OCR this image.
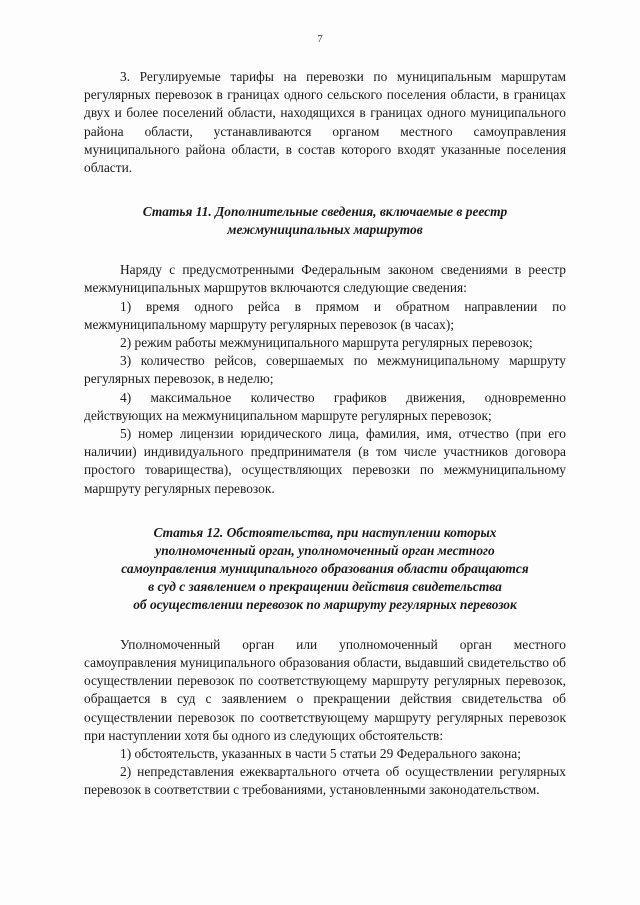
7

3. Регулируемые тарифы на перевозки по муниципальным маршрутам регулярных перевозок в границах одного сельского поселения области, в границах двух и более поселений области, находящихся в границах одного муниципального района области, устанавливаются органом местного самоуправления муниципального района области, в состав которого входят указанные поселения области.

Статья 11. Дополнительные сведения, включаемые в реестр

межмуниципальных маршрутов

Наряду с предусмотренными Федеральным законом сведениями в реестр межмуниципальных маршрутов включаются следующие сведения:

1) время одного рейса в прямом и обратном направлении по межмуниципальному маршруту регулярных перевозок (в часах);

2) режим работы межмуниципального маршрута регулярных перевозок;

3) количество рейсов, совершаемых по межмуниципальному маршруту регулярных перевозок, в неделю;

4) максимальное количество графиков движения, одновременно действующих на межмуниципальном маршруте регулярных перевозок;

5) номер лицензии юридического лица, фамилия, имя, отчество (при его наличии) индивидуального предпринимателя (в том числе участников договора простого товарищества), осуществляющих перевозки по межмуниципальному маршруту регулярных перевозок.

Статья 12. Обстоятельства, при наступлении которых

уполномоченный орган, уполномоченный орган местного

самоуправления муниципального образования области обращаются

в суд с заявлением о прекращении действия свидетельства

об осуществлении перевозок по маршруту регулярных перевозок

Уполномоченный орган или уполномоченный орган местного самоуправления муниципального образования области, выдавший свидетельство об осуществлении перевозок по соответствующему маршруту регулярных перевозок, обращается в суд с заявлением о прекращении действия свидетельства об осуществлении перевозок по соответствующему маршруту регулярных перевозок при наступлении хотя бы одного из следующих обстоятельств:

1) обстоятельств, указанных в части 5 статьи 29 Федерального закона;

2) непредставления ежеквартального отчета об осуществлении регулярных перевозок в соответствии с требованиями, установленными законодательством.
